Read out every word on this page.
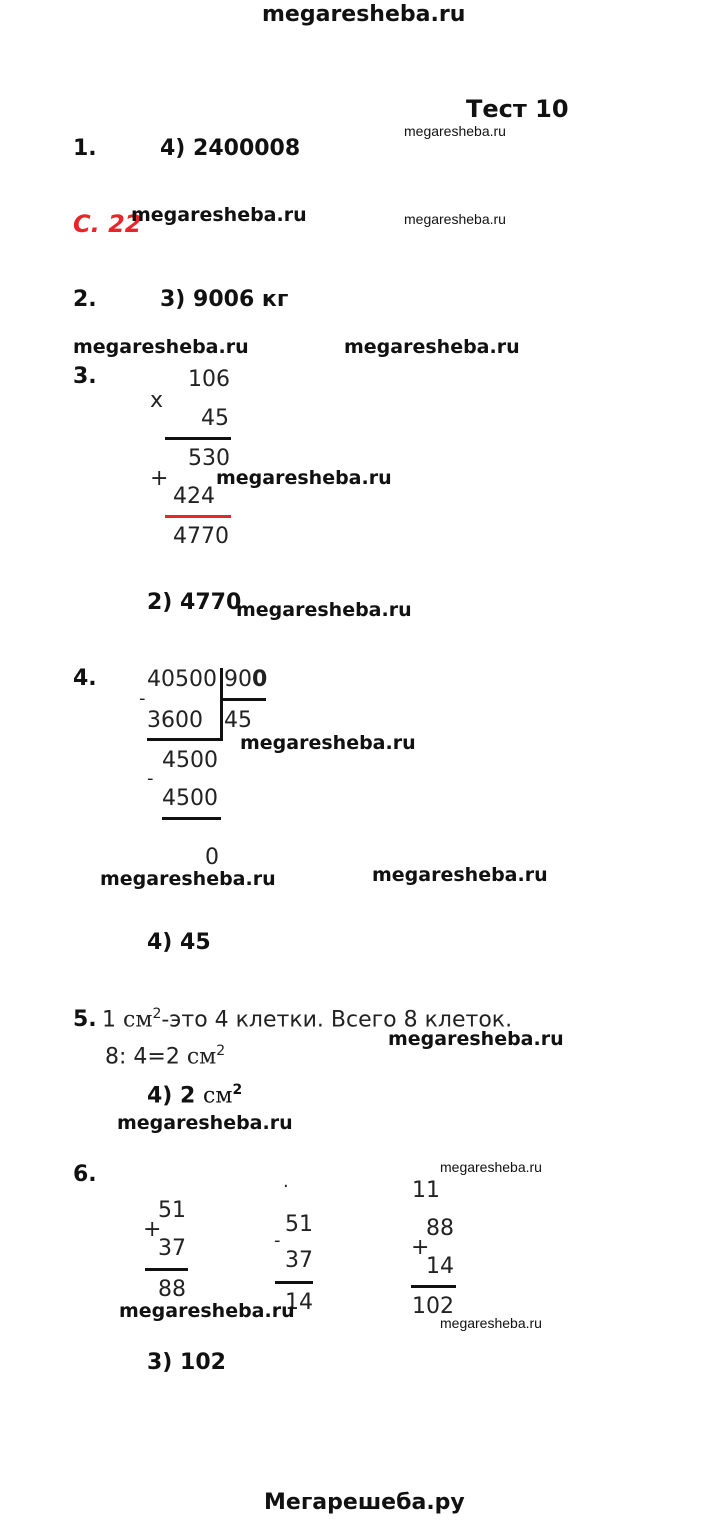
megaresheba.ru
Тест 10
megaresheba.ru
1.	4) 2400008
С. 22
megaresheba.ru	megaresheba.ru
2.	3) 9006 кг
megaresheba.ru	megaresheba.ru
3.
x
106
45
530
+
424
megaresheba.ru
4770
2) 4770
megaresheba.ru
4. 40500 900
-
3600 45
megaresheba.ru
4500
-
4500
0
megaresheba.ru	megaresheba.ru
4) 45
5. 1 $см^2$-это 4 клетки. Всего 8 клеток.
megaresheba.ru
8: 4=2 $см^2$
4) 2 $см^2$
megaresheba.ru
6.	megaresheba.ru
51
+
37
88
·
51
-
37
14
megaresheba.ru
11
88
+
14
102
megaresheba.ru
3) 102
Мегарешеба.ру
